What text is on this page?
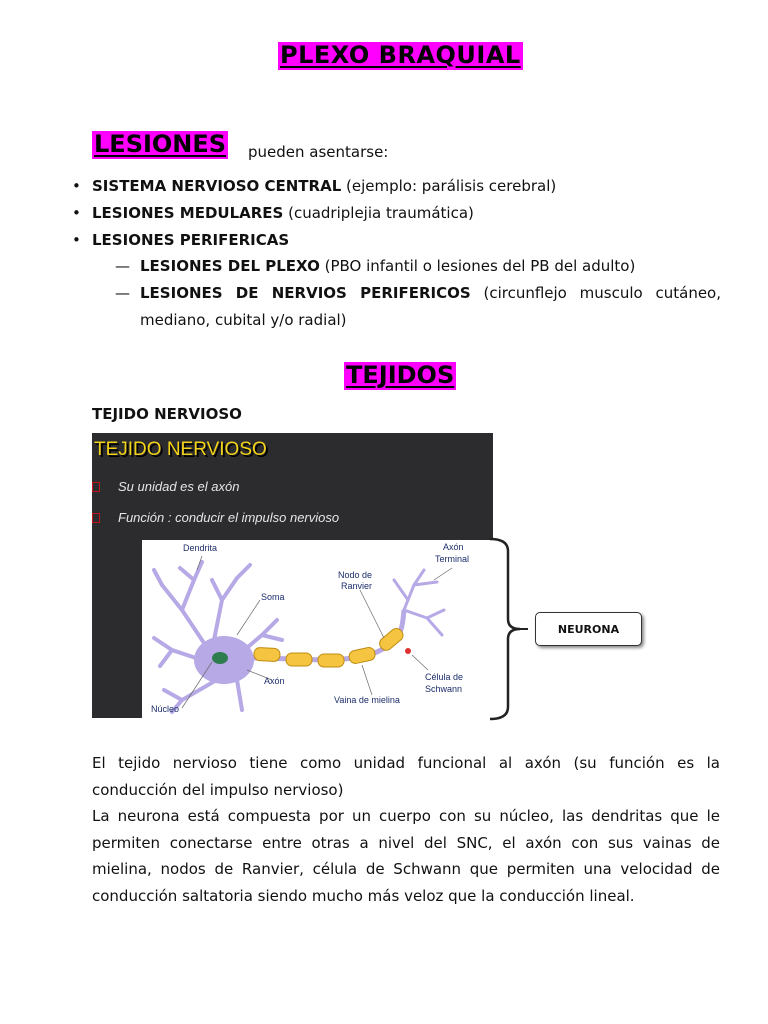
PLEXO BRAQUIAL
LESIONES pueden asentarse:
• SISTEMA NERVIOSO CENTRAL (ejemplo: parálisis cerebral)
• LESIONES MEDULARES (cuadriplejia traumática)
• LESIONES PERIFERICAS
— LESIONES DEL PLEXO (PBO infantil o lesiones del PB del adulto)
— LESIONES DE NERVIOS PERIFERICOS (circunflejo musculo cutáneo,
mediano, cubital y/o radial)
TEJIDOS
TEJIDO NERVIOSO
TEJIDO NERVIOSO
Su unidad es el axón
Función : conducir el impulso nervioso
Dendrita
Soma
Nodo de
Ranvier
Axón
Terminal
Axón
Núcleo
Vaina de mielina
Célula de
Schwann
NEURONA
El tejido nervioso tiene como unidad funcional al axón (su función es la
conducción del impulso nervioso)
La neurona está compuesta por un cuerpo con su núcleo, las dendritas que le
permiten conectarse entre otras a nivel del SNC, el axón con sus vainas de
mielina, nodos de Ranvier, célula de Schwann que permiten una velocidad de
conducción saltatoria siendo mucho más veloz que la conducción lineal.
